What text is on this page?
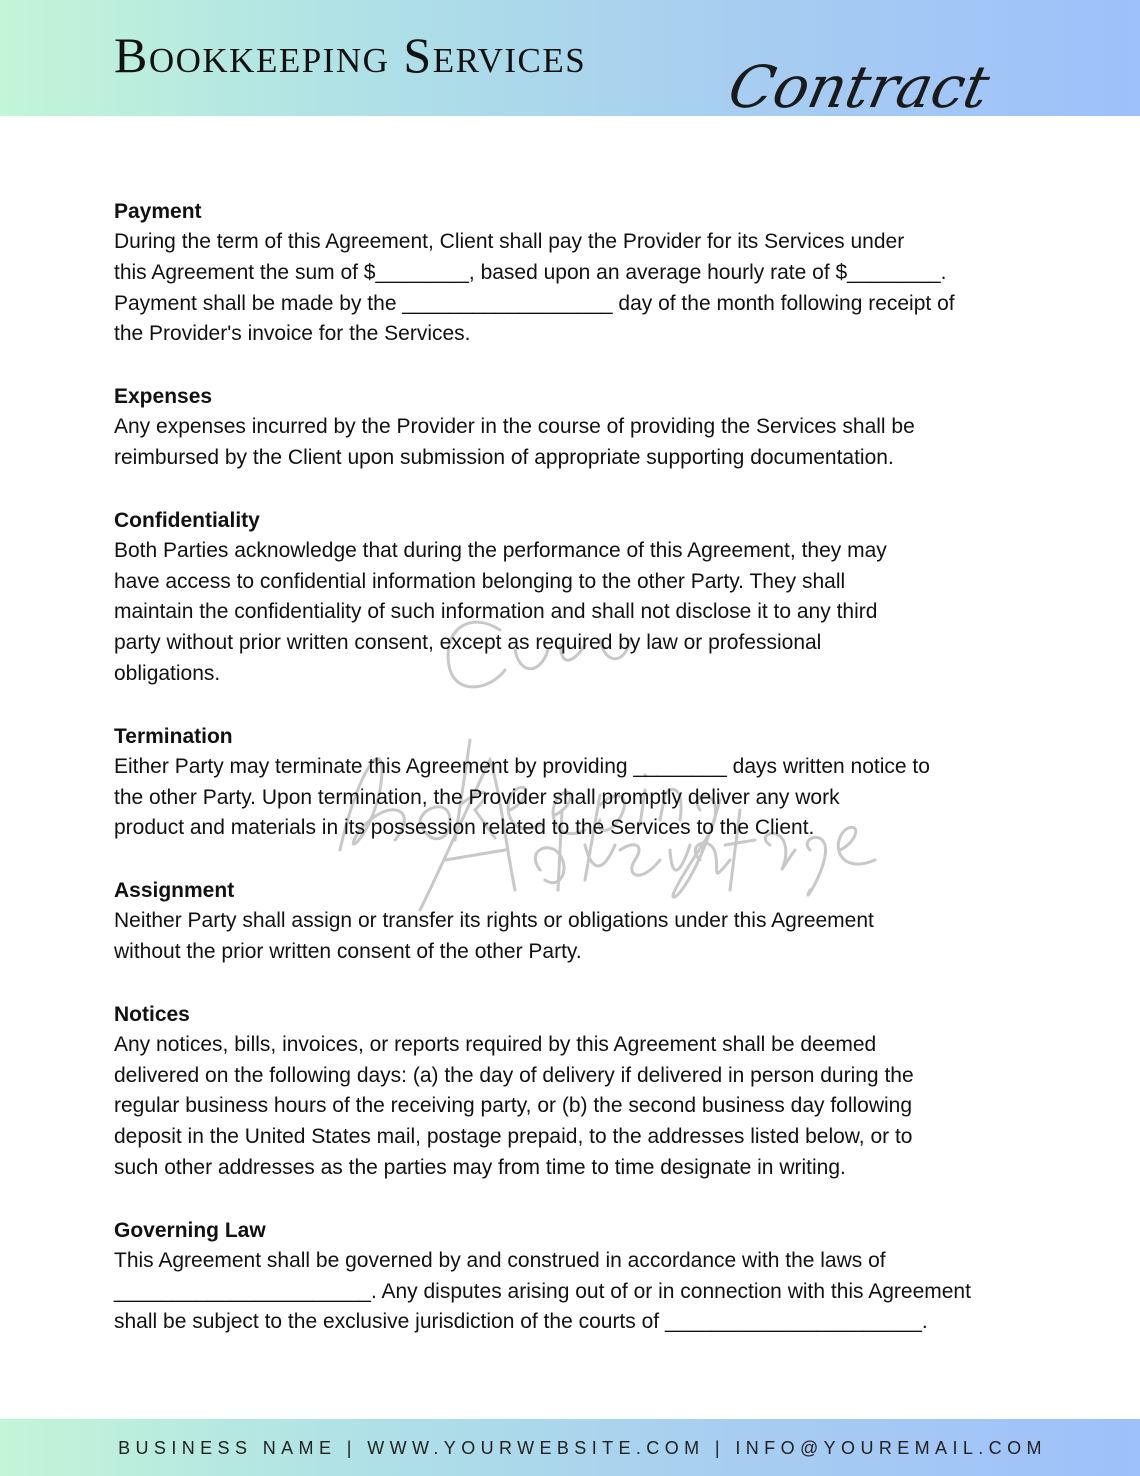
Bookkeeping Services Contract
Payment
During the term of this Agreement, Client shall pay the Provider for its Services under
this Agreement the sum of $________, based upon an average hourly rate of $________.
Payment shall be made by the __________________ day of the month following receipt of
the Provider's invoice for the Services.
Expenses
Any expenses incurred by the Provider in the course of providing the Services shall be
reimbursed by the Client upon submission of appropriate supporting documentation.
Confidentiality
Both Parties acknowledge that during the performance of this Agreement, they may
have access to confidential information belonging to the other Party. They shall
maintain the confidentiality of such information and shall not disclose it to any third
party without prior written consent, except as required by law or professional
obligations.
Termination
Either Party may terminate this Agreement by providing ________ days written notice to
the other Party. Upon termination, the Provider shall promptly deliver any work
product and materials in its possession related to the Services to the Client.
Assignment
Neither Party shall assign or transfer its rights or obligations under this Agreement
without the prior written consent of the other Party.
Notices
Any notices, bills, invoices, or reports required by this Agreement shall be deemed
delivered on the following days: (a) the day of delivery if delivered in person during the
regular business hours of the receiving party, or (b) the second business day following
deposit in the United States mail, postage prepaid, to the addresses listed below, or to
such other addresses as the parties may from time to time designate in writing.
Governing Law
This Agreement shall be governed by and construed in accordance with the laws of
______________________. Any disputes arising out of or in connection with this Agreement
shall be subject to the exclusive jurisdiction of the courts of ______________________.
BUSINESS NAME | WWW.YOURWEBSITE.COM | INFO@YOUREMAIL.COM
